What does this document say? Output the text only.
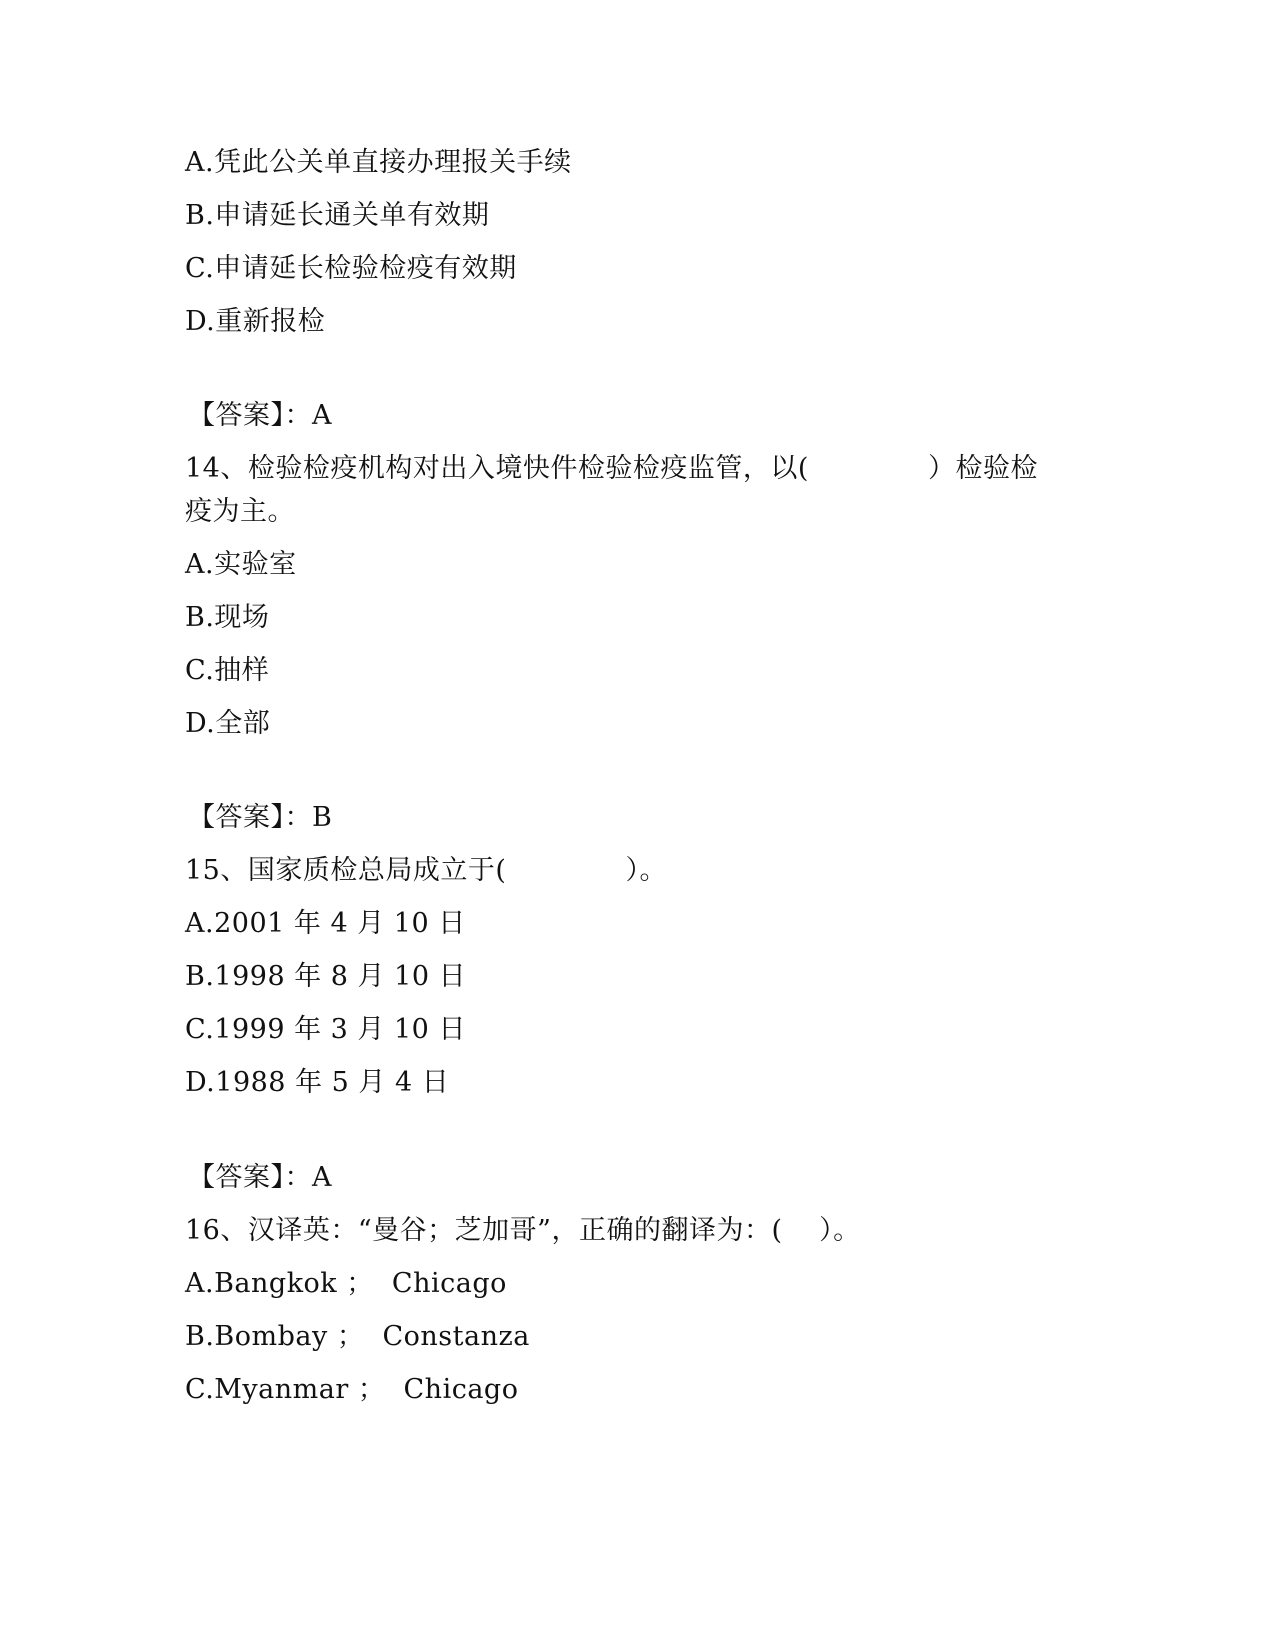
A.凭此公关单直接办理报关手续
B.申请延长通关单有效期
C.申请延长检验检疫有效期
D.重新报检
【答案】：A
14、检验检疫机构对出入境快件检验检疫监管，以(　　　　 ）检验检
疫为主。
A.实验室
B.现场
C.抽样
D.全部
【答案】：B
15、国家质检总局成立于(　　　　 ）。
A.2001 年 4 月 10 日
B.1998 年 8 月 10 日
C.1999 年 3 月 10 日
D.1988 年 5 月 4 日
【答案】：A
16、汉译英：“曼谷；芝加哥”，正确的翻译为：(　 ）。
A.Bangkok ；  Chicago
B.Bombay ；  Constanza
C.Myanmar ；  Chicago
